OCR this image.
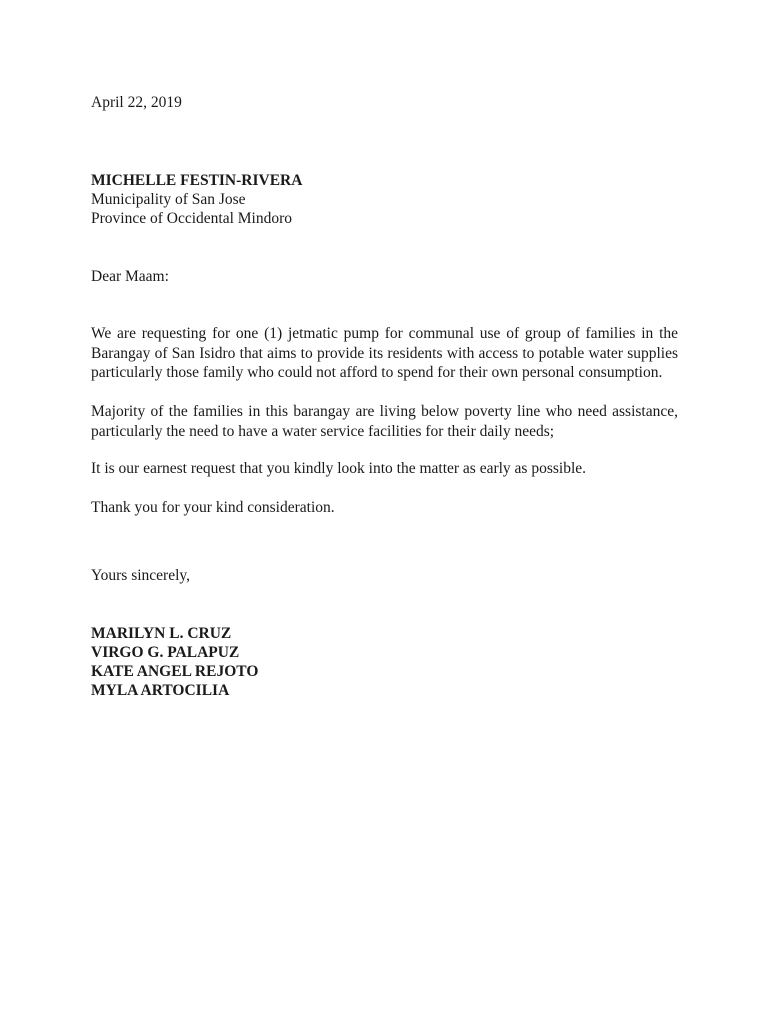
April 22, 2019
MICHELLE FESTIN-RIVERA
Municipality of San Jose
Province of Occidental Mindoro
Dear Maam:
We are requesting for one (1) jetmatic pump for communal use of group of families in the
Barangay of San Isidro that aims to provide its residents with access to potable water supplies
particularly those family who could not afford to spend for their own personal consumption.
Majority of the families in this barangay are living below poverty line who need assistance,
particularly the need to have a water service facilities for their daily needs;
It is our earnest request that you kindly look into the matter as early as possible.
Thank you for your kind consideration.
Yours sincerely,
MARILYN L. CRUZ
VIRGO G. PALAPUZ
KATE ANGEL REJOTO
MYLA ARTOCILIA
